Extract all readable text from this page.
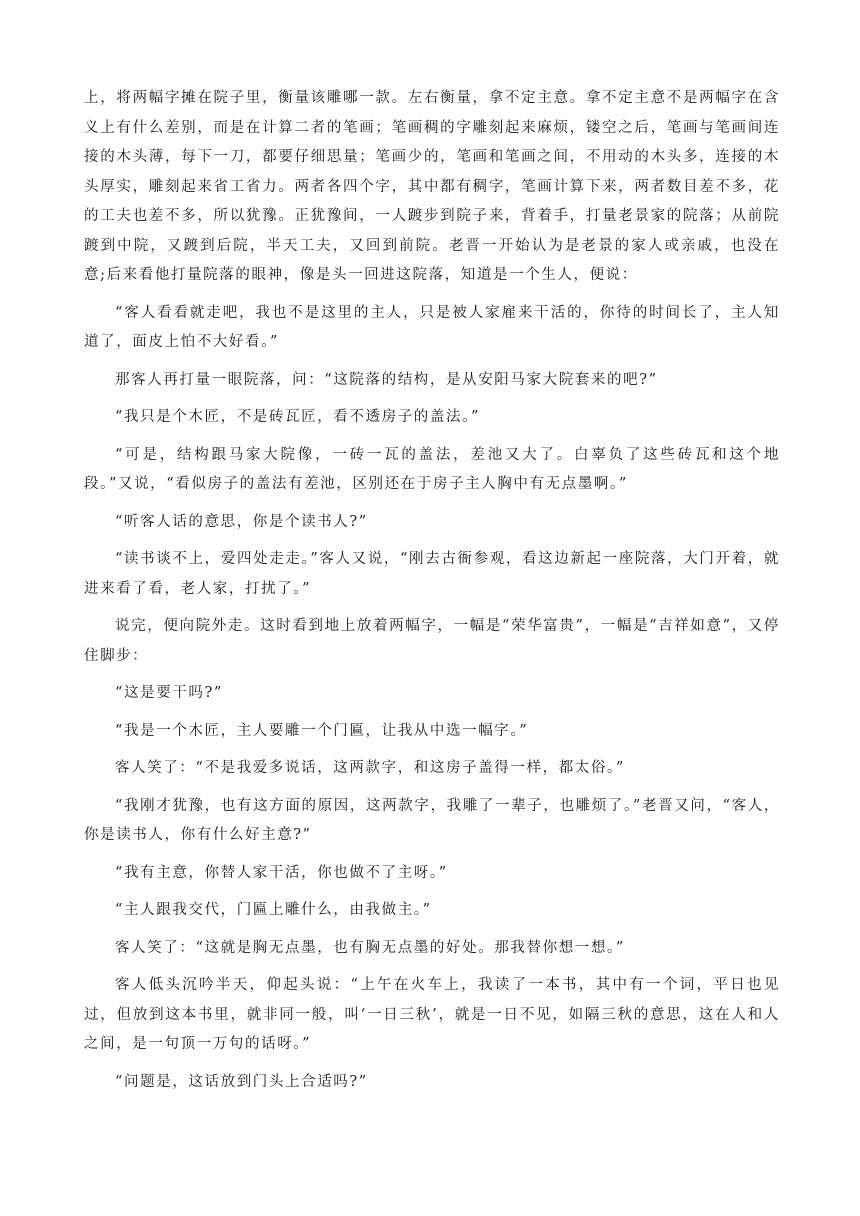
上，将两幅字摊在院子里，衡量该雕哪一款。左右衡量，拿不定主意。拿不定主意不是两幅字在含义上有什么差别，而是在计算二者的笔画；笔画稠的字雕刻起来麻烦，镂空之后，笔画与笔画间连接的木头薄，每下一刀，都要仔细思量；笔画少的，笔画和笔画之间，不用动的木头多，连接的木头厚实，雕刻起来省工省力。两者各四个字，其中都有稠字，笔画计算下来，两者数目差不多，花的工夫也差不多，所以犹豫。正犹豫间，一人踱步到院子来，背着手，打量老景家的院落；从前院踱到中院，又踱到后院，半天工夫，又回到前院。老晋一开始认为是老景的家人或亲戚，也没在意;后来看他打量院落的眼神，像是头一回进这院落，知道是一个生人，便说：

“客人看看就走吧，我也不是这里的主人，只是被人家雇来干活的，你待的时间长了，主人知道了，面皮上怕不大好看。”

那客人再打量一眼院落，问：“这院落的结构，是从安阳马家大院套来的吧?”

“我只是个木匠，不是砖瓦匠，看不透房子的盖法。”

“可是，结构跟马家大院像，一砖一瓦的盖法，差池又大了。白辜负了这些砖瓦和这个地段。”又说，“看似房子的盖法有差池，区别还在于房子主人胸中有无点墨啊。”

“听客人话的意思，你是个读书人?”

“读书谈不上，爱四处走走。”客人又说，“刚去古衙参观，看这边新起一座院落，大门开着，就进来看了看，老人家，打扰了。”

说完，便向院外走。这时看到地上放着两幅字，一幅是“荣华富贵”，一幅是“吉祥如意”，又停住脚步：

“这是要干吗?”

“我是一个木匠，主人要雕一个门匾，让我从中选一幅字。”

客人笑了：“不是我爱多说话，这两款字，和这房子盖得一样，都太俗。”

“我刚才犹豫，也有这方面的原因，这两款字，我雕了一辈子，也雕烦了。”老晋又问，“客人，你是读书人，你有什么好主意?”

“我有主意，你替人家干活，你也做不了主呀。”

“主人跟我交代，门匾上雕什么，由我做主。”

客人笑了：“这就是胸无点墨，也有胸无点墨的好处。那我替你想一想。”

客人低头沉吟半天，仰起头说：“上午在火车上，我读了一本书，其中有一个词，平日也见过，但放到这本书里，就非同一般，叫‘一日三秋’，就是一日不见，如隔三秋的意思，这在人和人之间，是一句顶一万句的话呀。”

“问题是，这话放到门头上合适吗?”
